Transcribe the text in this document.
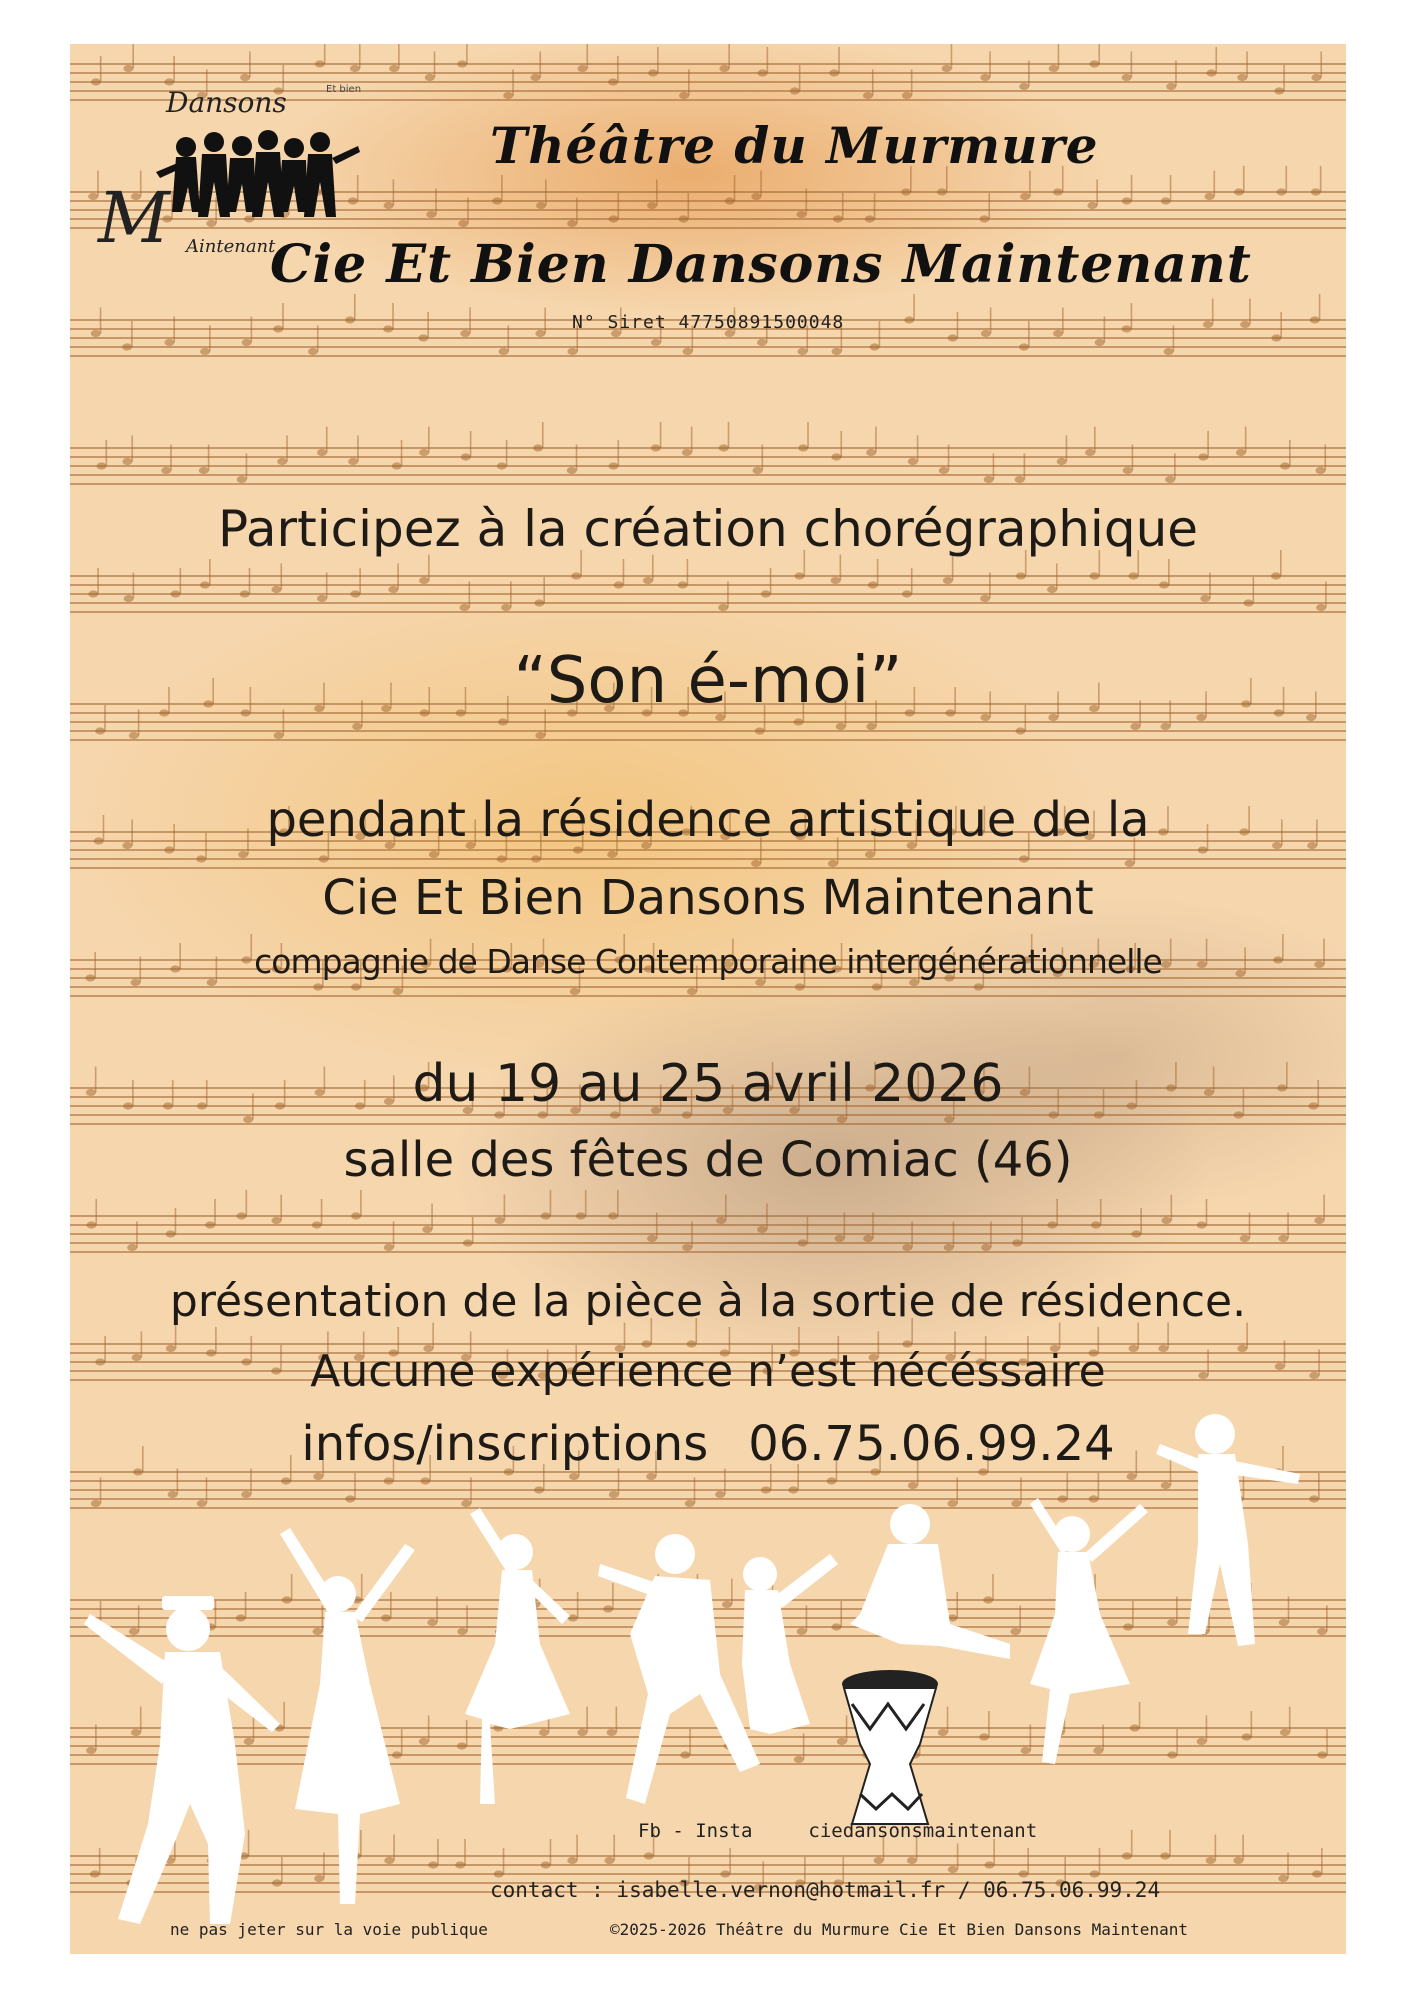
Dansons	Et bien
M Aintenant
Théâtre du Murmure
Cie Et Bien Dansons Maintenant
N° Siret 47750891500048
Participez à la création chorégraphique
“Son é-moi”
pendant la résidence artistique de la
Cie Et Bien Dansons Maintenant
compagnie de Danse Contemporaine intergénérationnelle
du 19 au 25 avril 2026
salle des fêtes de Comiac (46)
présentation de la pièce à la sortie de résidence.
Aucune expérience n’est nécéssaire
infos/inscriptions 06.75.06.99.24
Fb - Insta	ciedansonsmaintenant
contact : isabelle.vernon@hotmail.fr / 06.75.06.99.24
ne pas jeter sur la voie publique	©2025-2026 Théâtre du Murmure Cie Et Bien Dansons Maintenant
